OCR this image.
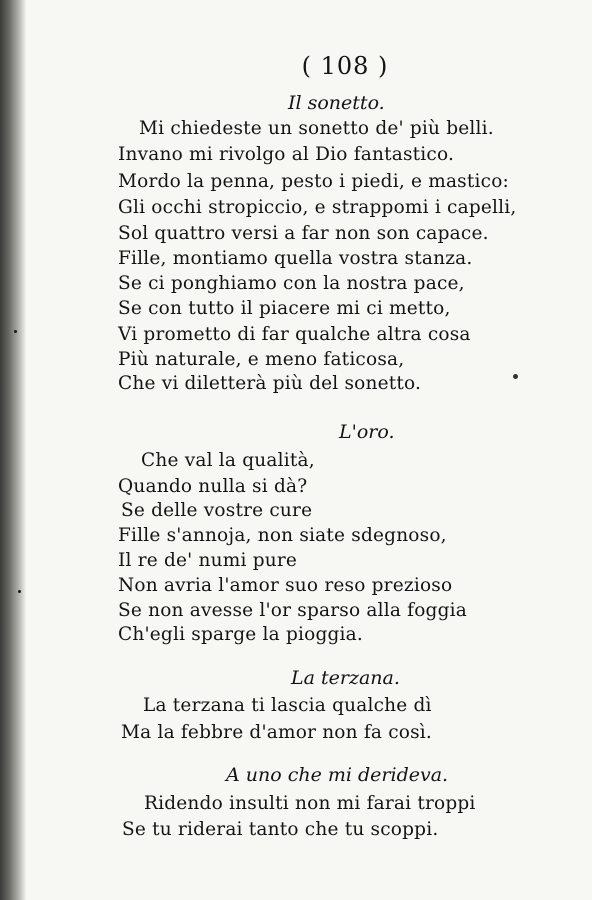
( 108 )
Il sonetto.
Mi chiedeste un sonetto de' più belli.
Invano mi rivolgo al Dio fantastico.
Mordo la penna, pesto i piedi, e mastico:
Gli occhi stropiccio, e strappomi i capelli,
Sol quattro versi a far non son capace.
Fille, montiamo quella vostra stanza.
Se ci ponghiamo con la nostra pace,
Se con tutto il piacere mi ci metto,
Vi prometto di far qualche altra cosa
Più naturale, e meno faticosa,
Che vi diletterà più del sonetto.
L'oro.
Che val la qualità,
Quando nulla si dà?
Se delle vostre cure
Fille s'annoja, non siate sdegnoso,
Il re de' numi pure
Non avria l'amor suo reso prezioso
Se non avesse l'or sparso alla foggia
Ch'egli sparge la pioggia.
La terzana.
La terzana ti lascia qualche dì
Ma la febbre d'amor non fa così.
A uno che mi derideva.
Ridendo insulti non mi farai troppi
Se tu riderai tanto che tu scoppi.
